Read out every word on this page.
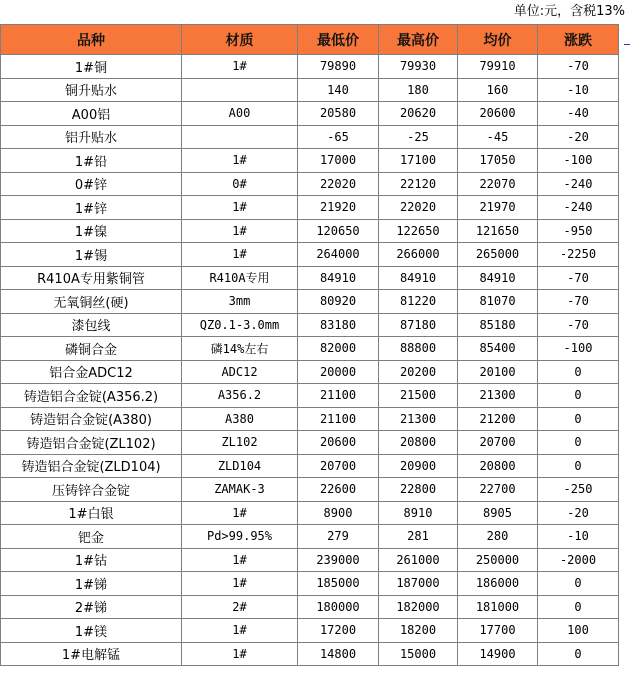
单位:元，含税13%
品种	材质	最低价	最高价	均价	涨跌
1#铜	1#	79890	79930	79910	-70
铜升贴水		140	180	160	-10
A00铝	A00	20580	20620	20600	-40
铝升贴水		-65	-25	-45	-20
1#铅	1#	17000	17100	17050	-100
0#锌	0#	22020	22120	22070	-240
1#锌	1#	21920	22020	21970	-240
1#镍	1#	120650	122650	121650	-950
1#锡	1#	264000	266000	265000	-2250
R410A专用紫铜管	R410A专用	84910	84910	84910	-70
无氧铜丝(硬)	3mm	80920	81220	81070	-70
漆包线	QZ0.1-3.0mm	83180	87180	85180	-70
磷铜合金	磷14%左右	82000	88800	85400	-100
铝合金ADC12	ADC12	20000	20200	20100	0
铸造铝合金锭(A356.2)	A356.2	21100	21500	21300	0
铸造铝合金锭(A380)	A380	21100	21300	21200	0
铸造铝合金锭(ZL102)	ZL102	20600	20800	20700	0
铸造铝合金锭(ZLD104)	ZLD104	20700	20900	20800	0
压铸锌合金锭	ZAMAK-3	22600	22800	22700	-250
1#白银	1#	8900	8910	8905	-20
钯金	Pd>99.95%	279	281	280	-10
1#钴	1#	239000	261000	250000	-2000
1#锑	1#	185000	187000	186000	0
2#锑	2#	180000	182000	181000	0
1#镁	1#	17200	18200	17700	100
1#电解锰	1#	14800	15000	14900	0
